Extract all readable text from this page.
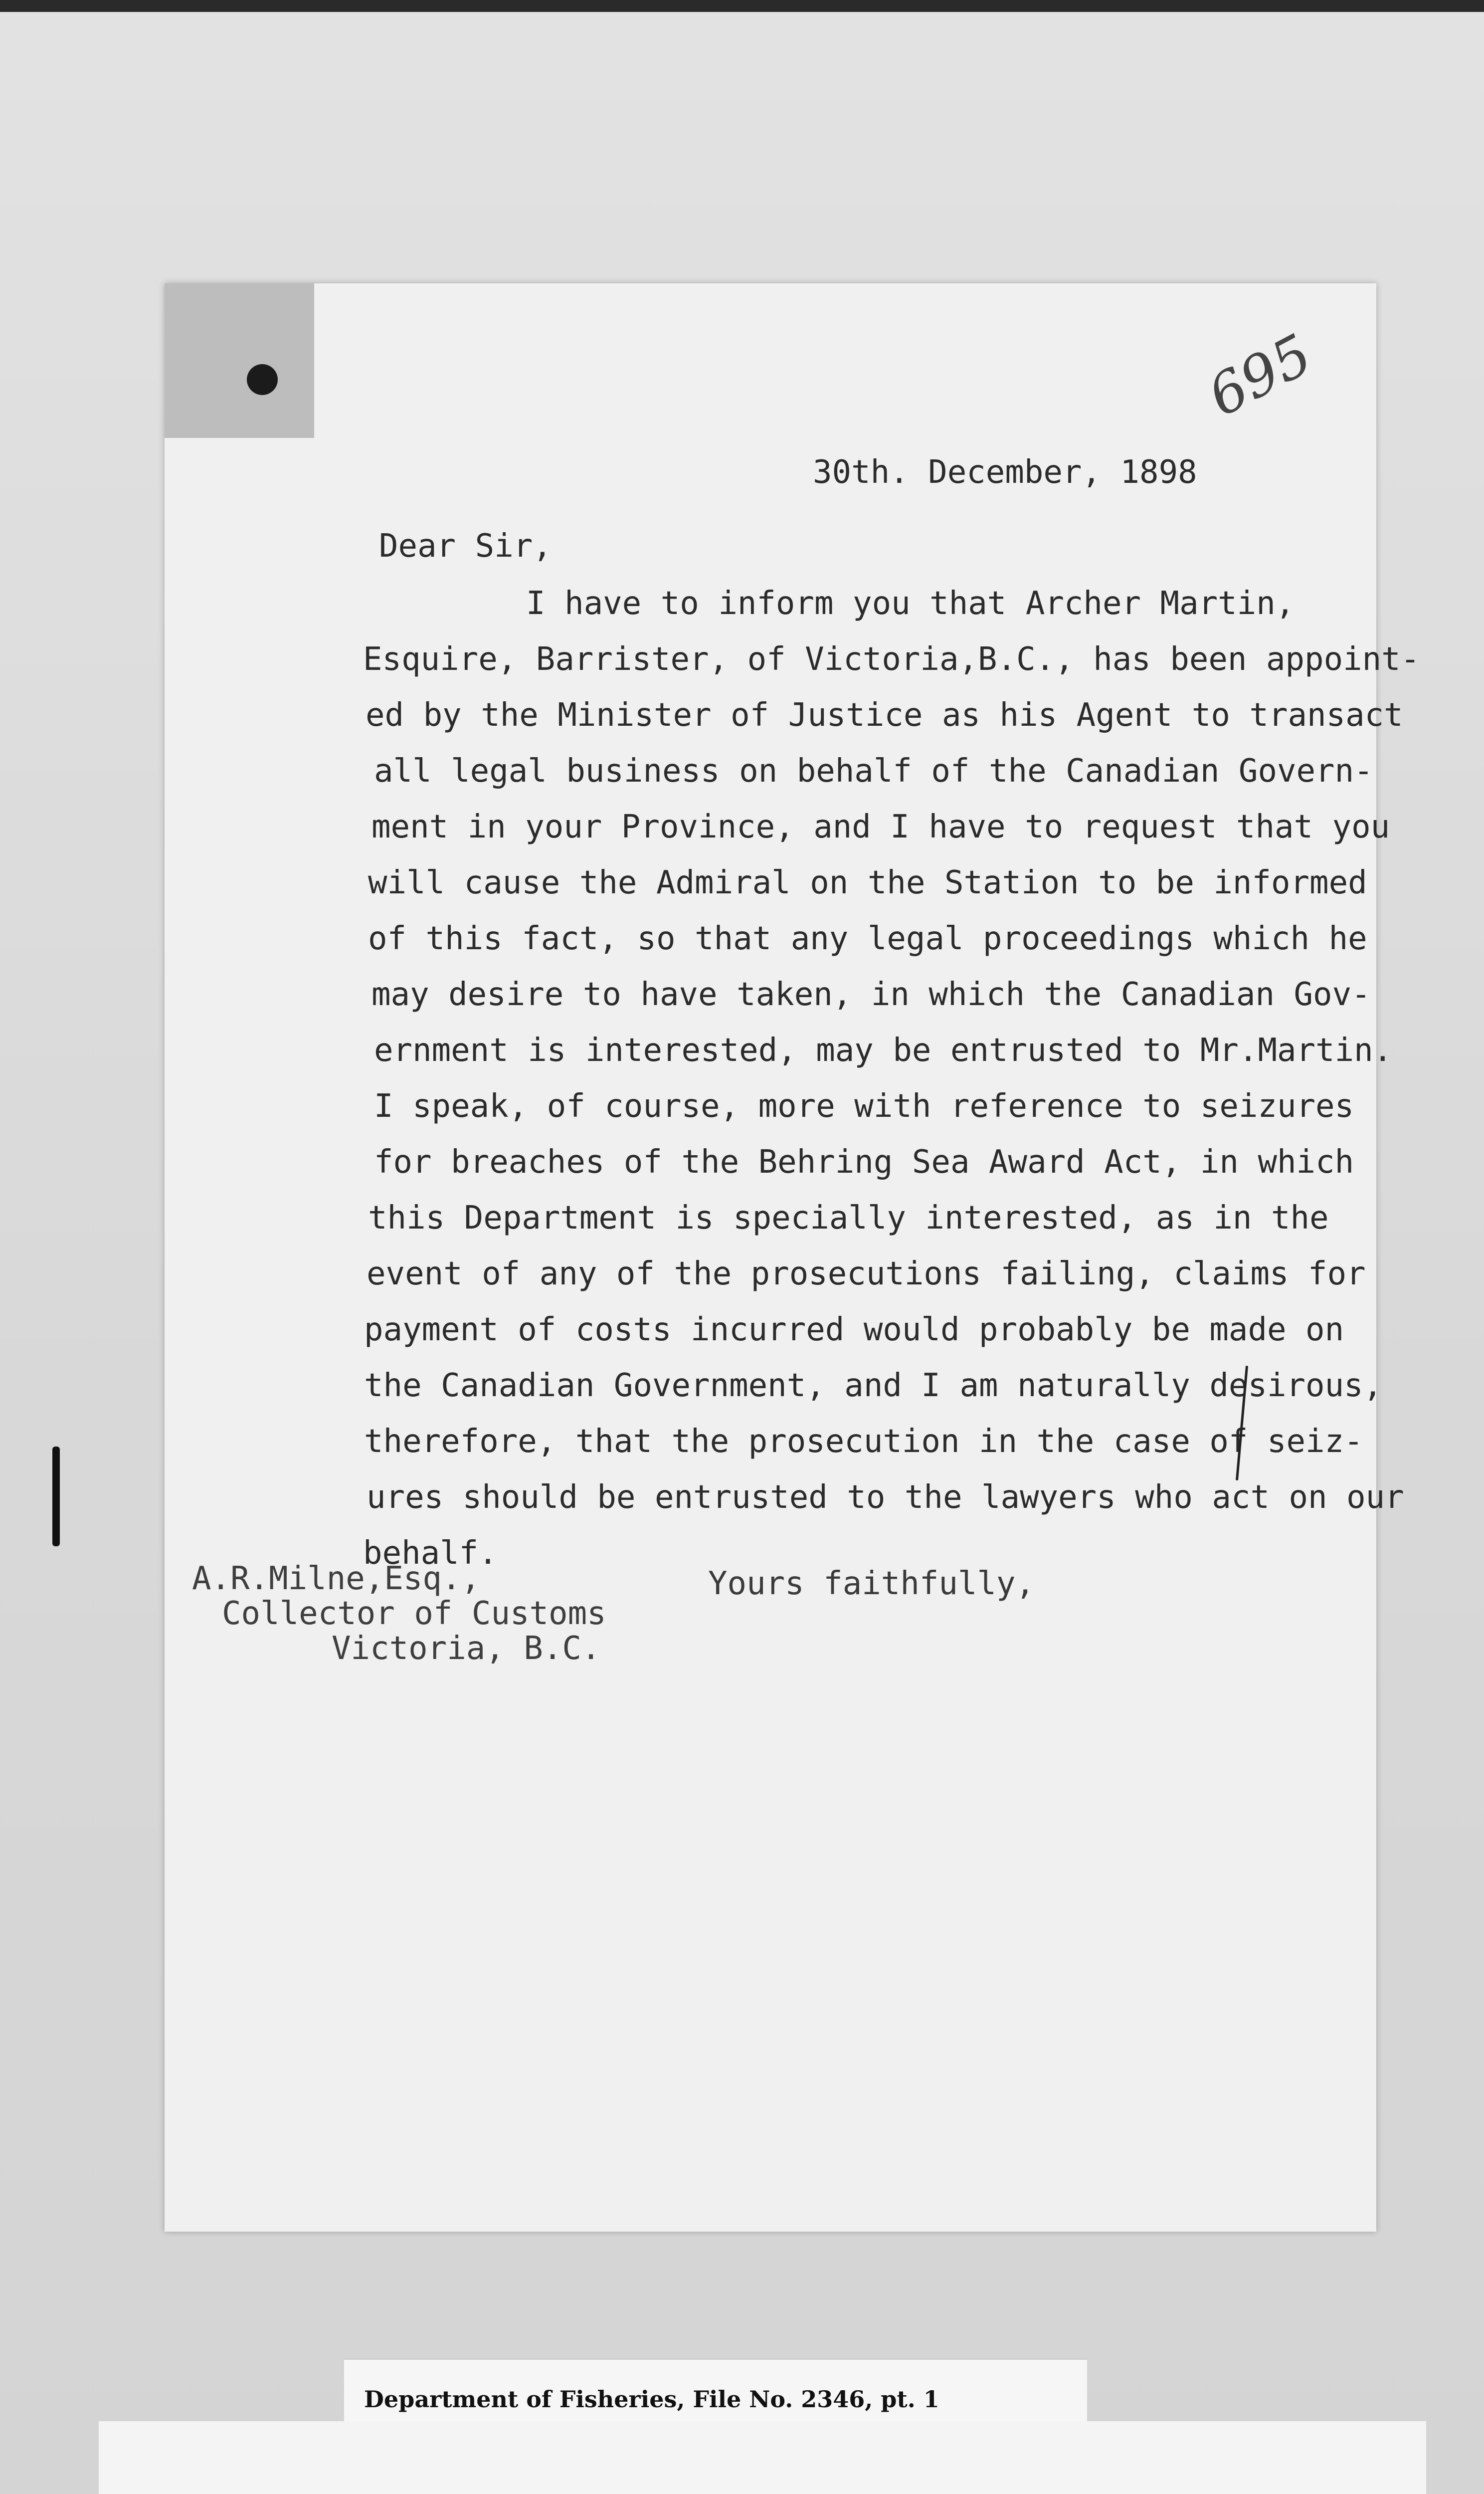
695
30th. December, 1898
Dear Sir,
I have to inform you that Archer Martin,
Esquire, Barrister, of Victoria,B.C., has been appoint-
ed by the Minister of Justice as his Agent to transact
all legal business on behalf of the Canadian Govern-
ment in your Province, and I have to request that you
will cause the Admiral on the Station to be informed
of this fact, so that any legal proceedings which he
may desire to have taken, in which the Canadian Gov-
ernment is interested, may be entrusted to Mr.Martin.
I speak, of course, more with reference to seizures
for breaches of the Behring Sea Award Act, in which
this Department is specially interested, as in the
event of any of the prosecutions failing, claims for
payment of costs incurred would probably be made on
the Canadian Government, and I am naturally desirous,
therefore, that the prosecution in the case of seiz-
ures should be entrusted to the lawyers who act on our
behalf.
Yours faithfully,
A.R.Milne,Esq.,
Collector of Customs
Victoria, B.C.
Department of Fisheries, File No. 2346, pt. 1
